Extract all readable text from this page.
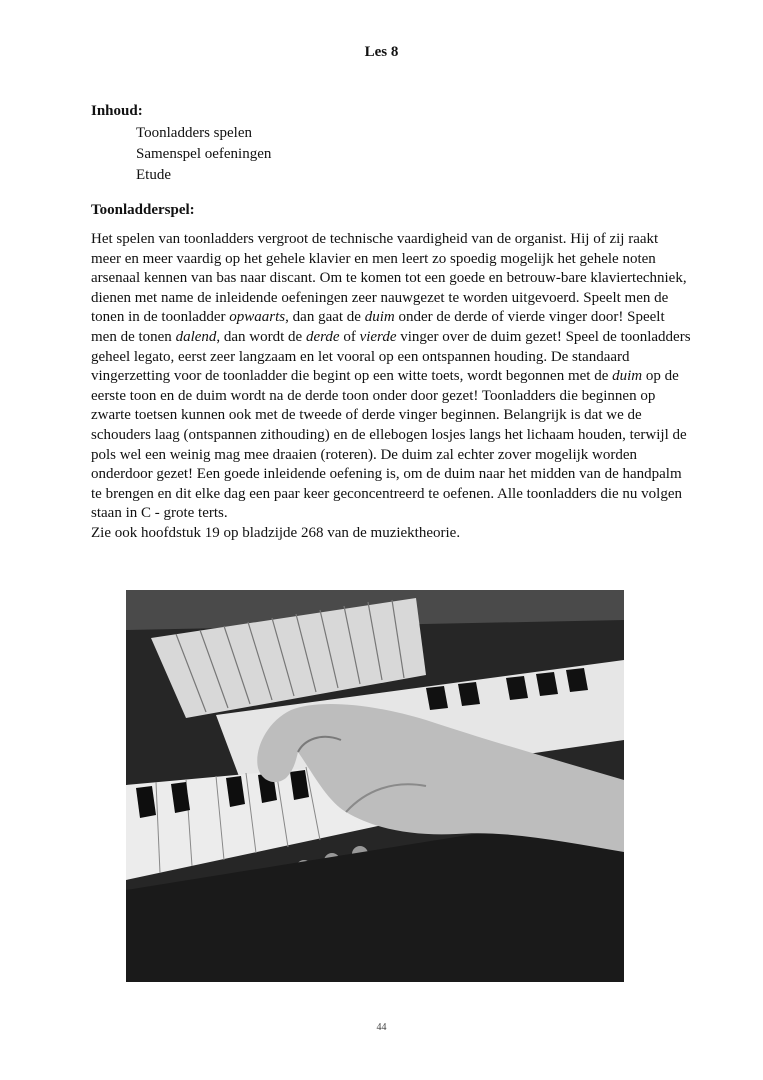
Les 8
Inhoud:
Toonladders spelen
Samenspel oefeningen
Etude
Toonladderspel:

Het spelen van toonladders vergroot de technische vaardigheid van de organist. Hij of zij raakt meer en meer vaardig op het gehele klavier en men leert zo spoedig mogelijk het gehele noten arsenaal kennen van bas naar discant. Om te komen tot een goede en betrouw-bare klaviertechniek, dienen met name de inleidende oefeningen zeer nauwgezet te worden uitgevoerd. Speelt men de tonen in de toonladder opwaarts, dan gaat de duim onder de derde of vierde vinger door! Speelt men de tonen dalend, dan wordt de derde of vierde vinger over de duim gezet! Speel de toonladders geheel legato, eerst zeer langzaam en let vooral op een ontspannen houding. De standaard vingerzetting voor de toonladder die begint op een witte toets, wordt begonnen met de duim op de eerste toon en de duim wordt na de derde toon onder door gezet! Toonladders die beginnen op zwarte toetsen kunnen ook met de tweede of derde vinger beginnen. Belangrijk is dat we de schouders laag (ontspannen zithouding) en de ellebogen losjes langs het lichaam houden, terwijl de pols wel een weinig mag mee draaien (roteren). De duim zal echter zover mogelijk worden onderdoor gezet! Een goede inleidende oefening is, om de duim naar het midden van de handpalm te brengen en dit elke dag een paar keer geconcentreerd te oefenen. Alle toonladders die nu volgen staan in C - grote terts.
Zie ook hoofdstuk 19 op bladzijde 268 van de muziektheorie.

44
